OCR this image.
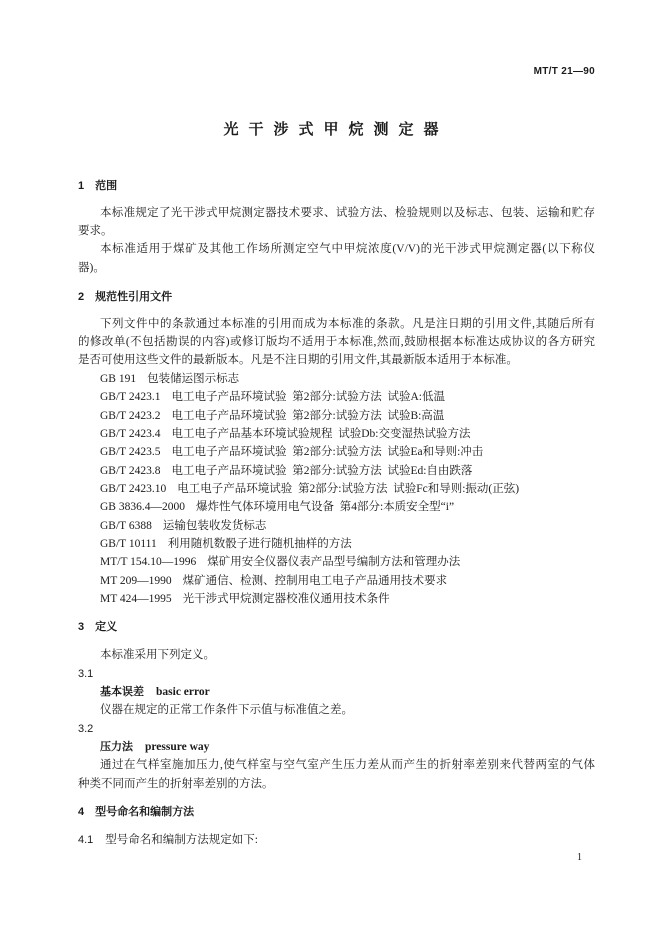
MT/T 21—90
光干涉式甲烷测定器
1 范围
本标准规定了光干涉式甲烷测定器技术要求、试验方法、检验规则以及标志、包装、运输和贮存
要求。
本标准适用于煤矿及其他工作场所测定空气中甲烷浓度(V/V)的光干涉式甲烷测定器(以下称仪
器)。
2 规范性引用文件
下列文件中的条款通过本标准的引用而成为本标准的条款。凡是注日期的引用文件,其随后所有
的修改单(不包括勘误的内容)或修订版均不适用于本标准,然而,鼓励根据本标准达成协议的各方研究
是否可使用这些文件的最新版本。凡是不注日期的引用文件,其最新版本适用于本标准。
GB 191 包装储运图示标志
GB/T 2423.1 电工电子产品环境试验  第2部分:试验方法  试验A:低温
GB/T 2423.2 电工电子产品环境试验  第2部分:试验方法  试验B:高温
GB/T 2423.4 电工电子产品基本环境试验规程  试验Db:交变湿热试验方法
GB/T 2423.5 电工电子产品环境试验  第2部分:试验方法  试验Ea和导则:冲击
GB/T 2423.8 电工电子产品环境试验  第2部分:试验方法  试验Ed:自由跌落
GB/T 2423.10 电工电子产品环境试验  第2部分:试验方法  试验Fc和导则:振动(正弦)
GB 3836.4—2000 爆炸性气体环境用电气设备  第4部分:本质安全型“i”
GB/T 6388 运输包装收发货标志
GB/T 10111 利用随机数骰子进行随机抽样的方法
MT/T 154.10—1996 煤矿用安全仪器仪表产品型号编制方法和管理办法
MT 209—1990 煤矿通信、检测、控制用电工电子产品通用技术要求
MT 424—1995 光干涉式甲烷测定器校准仪通用技术条件
3 定义
本标准采用下列定义。
3.1
基本误差 basic error
仪器在规定的正常工作条件下示值与标准值之差。
3.2
压力法 pressure way
通过在气样室施加压力,使气样室与空气室产生压力差从而产生的折射率差别来代替两室的气体
种类不同而产生的折射率差别的方法。
4 型号命名和编制方法
4.1 型号命名和编制方法规定如下:
1
